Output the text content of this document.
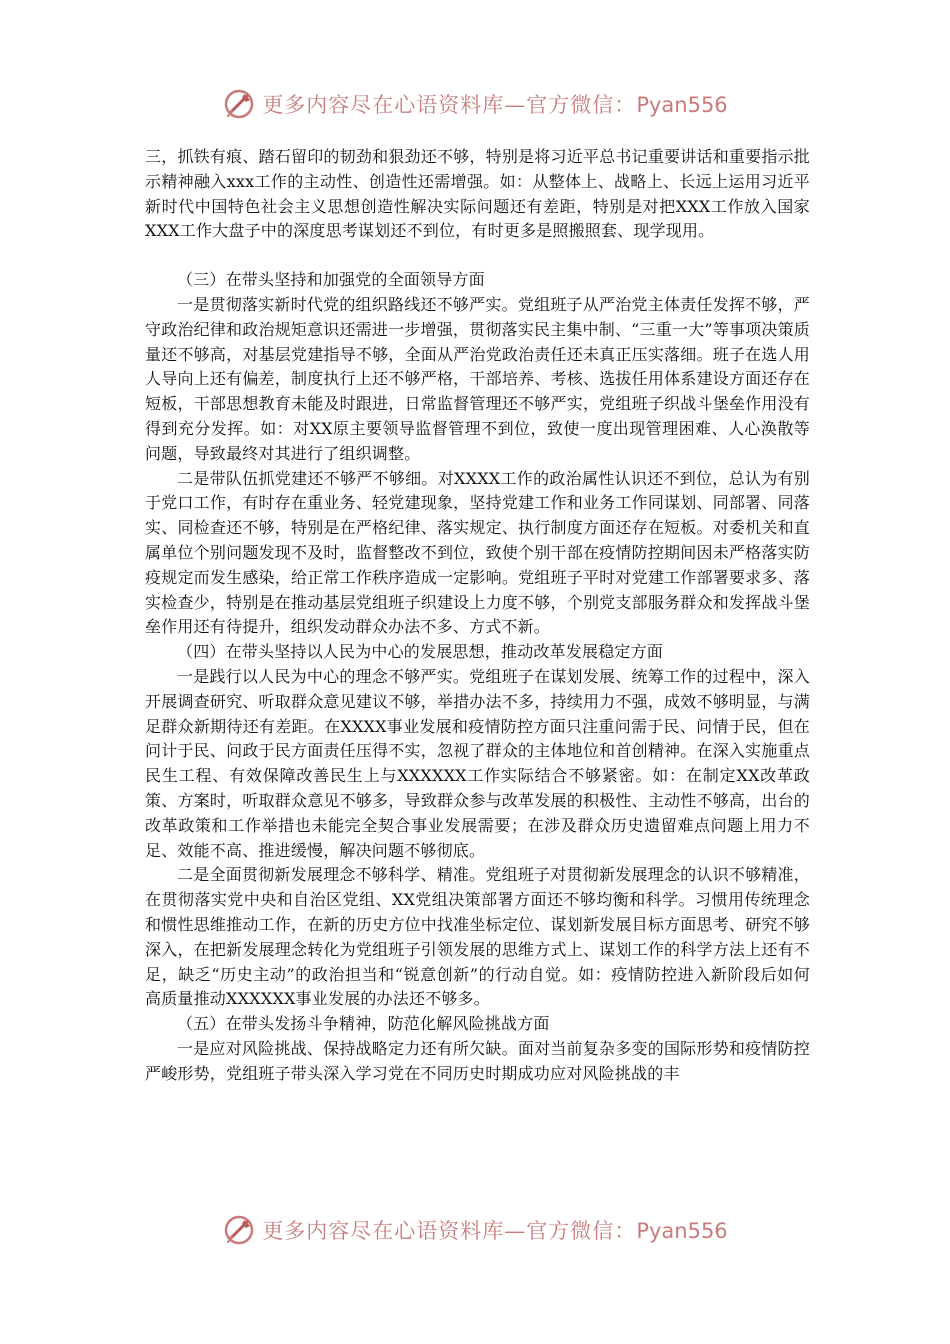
更多内容尽在心语资料库—官方微信：Pyan556

三，抓铁有痕、踏石留印的韧劲和狠劲还不够，特别是将习近平总书记重要讲话和重要指示批示精神融入xxx工作的主动性、创造性还需增强。如：从整体上、战略上、长远上运用习近平新时代中国特色社会主义思想创造性解决实际问题还有差距，特别是对把XXX工作放入国家XXX工作大盘子中的深度思考谋划还不到位，有时更多是照搬照套、现学现用。

（三）在带头坚持和加强党的全面领导方面

一是贯彻落实新时代党的组织路线还不够严实。党组班子从严治党主体责任发挥不够，严守政治纪律和政治规矩意识还需进一步增强，贯彻落实民主集中制、“三重一大”等事项决策质量还不够高，对基层党建指导不够，全面从严治党政治责任还未真正压实落细。班子在选人用人导向上还有偏差，制度执行上还不够严格，干部培养、考核、选拔任用体系建设方面还存在短板，干部思想教育未能及时跟进，日常监督管理还不够严实，党组班子织战斗堡垒作用没有得到充分发挥。如：对XX原主要领导监督管理不到位，致使一度出现管理困难、人心涣散等问题，导致最终对其进行了组织调整。

二是带队伍抓党建还不够严不够细。对XXXX工作的政治属性认识还不到位，总认为有别于党口工作，有时存在重业务、轻党建现象，坚持党建工作和业务工作同谋划、同部署、同落实、同检查还不够，特别是在严格纪律、落实规定、执行制度方面还存在短板。对委机关和直属单位个别问题发现不及时，监督整改不到位，致使个别干部在疫情防控期间因未严格落实防疫规定而发生感染，给正常工作秩序造成一定影响。党组班子平时对党建工作部署要求多、落实检查少，特别是在推动基层党组班子织建设上力度不够，个别党支部服务群众和发挥战斗堡垒作用还有待提升，组织发动群众办法不多、方式不新。

（四）在带头坚持以人民为中心的发展思想，推动改革发展稳定方面

一是践行以人民为中心的理念不够严实。党组班子在谋划发展、统筹工作的过程中，深入开展调查研究、听取群众意见建议不够，举措办法不多，持续用力不强，成效不够明显，与满足群众新期待还有差距。在XXXX事业发展和疫情防控方面只注重问需于民、问情于民，但在问计于民、问政于民方面责任压得不实，忽视了群众的主体地位和首创精神。在深入实施重点民生工程、有效保障改善民生上与XXXXXX工作实际结合不够紧密。如：在制定XX改革政策、方案时，听取群众意见不够多，导致群众参与改革发展的积极性、主动性不够高，出台的改革政策和工作举措也未能完全契合事业发展需要；在涉及群众历史遗留难点问题上用力不足、效能不高、推进缓慢，解决问题不够彻底。

二是全面贯彻新发展理念不够科学、精准。党组班子对贯彻新发展理念的认识不够精准，在贯彻落实党中央和自治区党组、XX党组决策部署方面还不够均衡和科学。习惯用传统理念和惯性思维推动工作，在新的历史方位中找准坐标定位、谋划新发展目标方面思考、研究不够深入，在把新发展理念转化为党组班子引领发展的思维方式上、谋划工作的科学方法上还有不足，缺乏“历史主动”的政治担当和“锐意创新”的行动自觉。如：疫情防控进入新阶段后如何高质量推动XXXXXX事业发展的办法还不够多。

（五）在带头发扬斗争精神，防范化解风险挑战方面

一是应对风险挑战、保持战略定力还有所欠缺。面对当前复杂多变的国际形势和疫情防控严峻形势，党组班子带头深入学习党在不同历史时期成功应对风险挑战的丰

更多内容尽在心语资料库—官方微信：Pyan556
